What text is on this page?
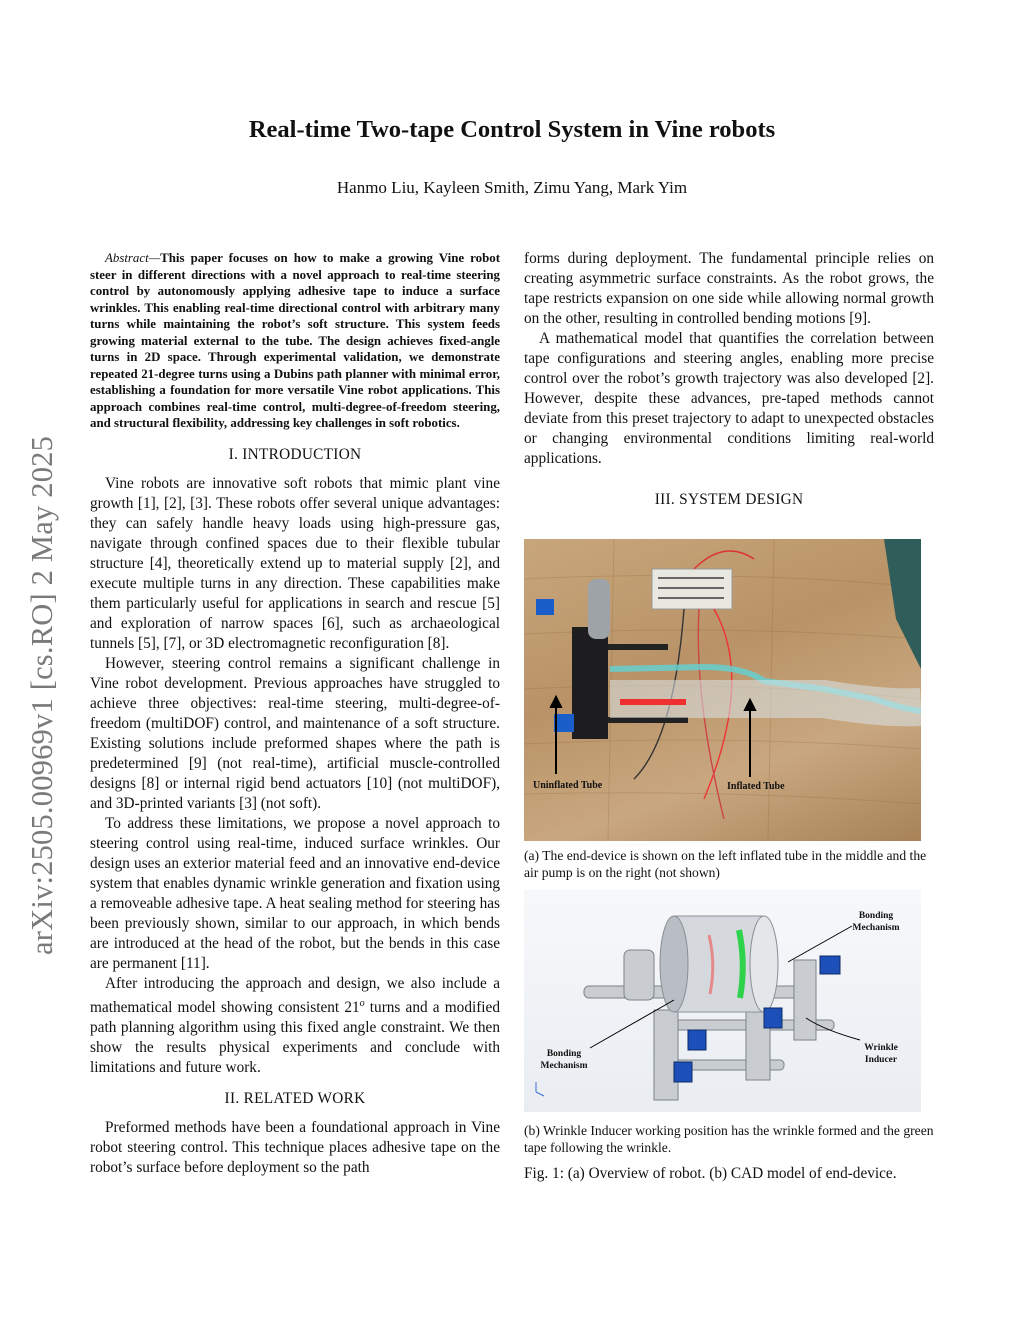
arXiv:2505.00969v1 [cs.RO] 2 May 2025
Real-time Two-tape Control System in Vine robots
Hanmo Liu, Kayleen Smith, Zimu Yang, Mark Yim

Abstract—This paper focuses on how to make a growing Vine robot steer in different directions with a novel approach to real-time steering control by autonomously applying adhesive tape to induce a surface wrinkles. This enabling real-time directional control with arbitrary many turns while maintaining the robot’s soft structure. This system feeds growing material external to the tube. The design achieves fixed-angle turns in 2D space. Through experimental validation, we demonstrate repeated 21-degree turns using a Dubins path planner with minimal error, establishing a foundation for more versatile Vine robot applications. This approach combines real-time control, multi-degree-of-freedom steering, and structural flexibility, addressing key challenges in soft robotics.

I. INTRODUCTION

Vine robots are innovative soft robots that mimic plant vine growth [1], [2], [3]. These robots offer several unique advantages: they can safely handle heavy loads using high-pressure gas, navigate through confined spaces due to their flexible tubular structure [4], theoretically extend up to material supply [2], and execute multiple turns in any direction. These capabilities make them particularly useful for applications in search and rescue [5] and exploration of narrow spaces [6], such as archaeological tunnels [5], [7], or 3D electromagnetic reconfiguration [8].

However, steering control remains a significant challenge in Vine robot development. Previous approaches have struggled to achieve three objectives: real-time steering, multi-degree-of-freedom (multiDOF) control, and maintenance of a soft structure. Existing solutions include preformed shapes where the path is predetermined [9] (not real-time), artificial muscle-controlled designs [8] or internal rigid bend actuators [10] (not multiDOF), and 3D-printed variants [3] (not soft).

To address these limitations, we propose a novel approach to steering control using real-time, induced surface wrinkles. Our design uses an exterior material feed and an innovative end-device system that enables dynamic wrinkle generation and fixation using a removeable adhesive tape. A heat sealing method for steering has been previously shown, similar to our approach, in which bends are introduced at the head of the robot, but the bends in this case are permanent [11].

After introducing the approach and design, we also include a mathematical model showing consistent 21$^o$ turns and a modified path planning algorithm using this fixed angle constraint. We then show the results physical experiments and conclude with limitations and future work.

II. RELATED WORK

Preformed methods have been a foundational approach in Vine robot steering control. This technique places adhesive tape on the robot’s surface before deployment so the path

forms during deployment. The fundamental principle relies on creating asymmetric surface constraints. As the robot grows, the tape restricts expansion on one side while allowing normal growth on the other, resulting in controlled bending motions [9].

A mathematical model that quantifies the correlation between tape configurations and steering angles, enabling more precise control over the robot’s growth trajectory was also developed [2]. However, despite these advances, pre-taped methods cannot deviate from this preset trajectory to adapt to unexpected obstacles or changing environmental conditions limiting real-world applications.

III. SYSTEM DESIGN

Uninflated Tube	Inflated Tube

(a) The end-device is shown on the left inflated tube in the middle and the air pump is on the right (not shown)

Bonding
Mechanism
Bonding
Mechanism
Wrinkle
Inducer

(b) Wrinkle Inducer working position has the wrinkle formed and the green tape following the wrinkle.

Fig. 1: (a) Overview of robot. (b) CAD model of end-device.
